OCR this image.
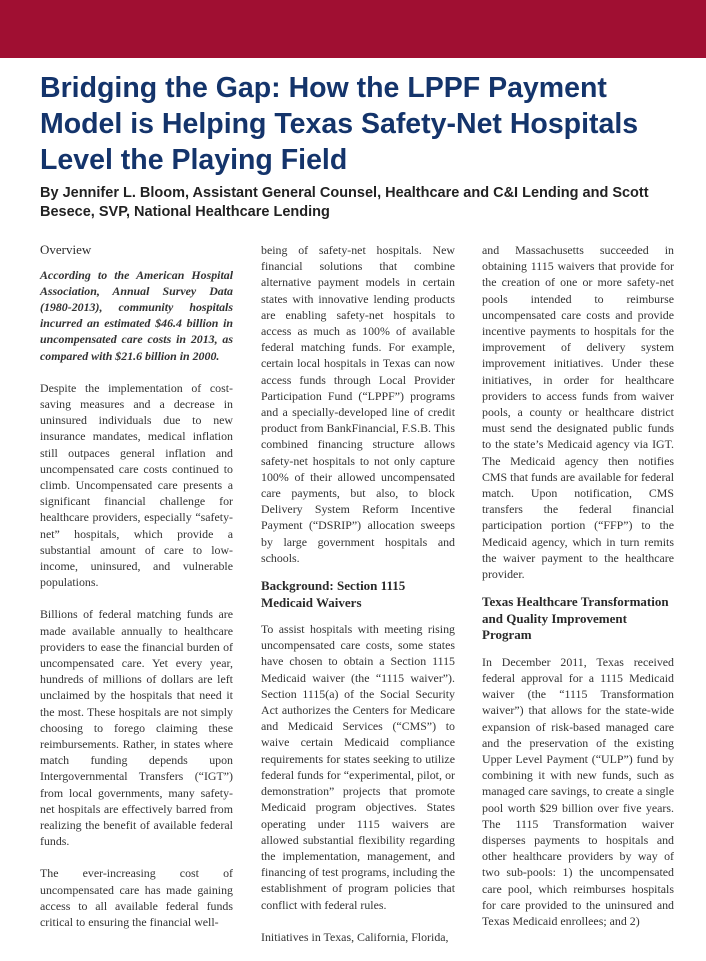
Bridging the Gap: How the LPPF Payment Model is Helping Texas Safety-Net Hospitals Level the Playing Field

By Jennifer L. Bloom, Assistant General Counsel, Healthcare and C&I Lending and Scott Besece, SVP, National Healthcare Lending

Overview

According to the American Hospital Association, Annual Survey Data (1980-2013), community hospitals incurred an estimated $46.4 billion in uncompensated care costs in 2013, as compared with $21.6 billion in 2000.

Despite the implementation of cost-saving measures and a decrease in uninsured individuals due to new insurance mandates, medical inflation still outpaces general inflation and uncompensated care costs continued to climb. Uncompensated care presents a significant financial challenge for healthcare providers, especially “safety-net” hospitals, which provide a substantial amount of care to low-income, uninsured, and vulnerable populations.

Billions of federal matching funds are made available annually to healthcare providers to ease the financial burden of uncompensated care. Yet every year, hundreds of millions of dollars are left unclaimed by the hospitals that need it the most. These hospitals are not simply choosing to forego claiming these reimbursements. Rather, in states where match funding depends upon Intergovernmental Transfers (“IGT”) from local governments, many safety-net hospitals are effectively barred from realizing the benefit of available federal funds.

The ever-increasing cost of uncompensated care has made gaining access to all available federal funds critical to ensuring the financial well-

being of safety-net hospitals. New financial solutions that combine alternative payment models in certain states with innovative lending products are enabling safety-net hospitals to access as much as 100% of available federal matching funds. For example, certain local hospitals in Texas can now access funds through Local Provider Participation Fund (“LPPF”) programs and a specially-developed line of credit product from BankFinancial, F.S.B. This combined financing structure allows safety-net hospitals to not only capture 100% of their allowed uncompensated care payments, but also, to block Delivery System Reform Incentive Payment (“DSRIP”) allocation sweeps by large government hospitals and schools.

Background: Section 1115 Medicaid Waivers

To assist hospitals with meeting rising uncompensated care costs, some states have chosen to obtain a Section 1115 Medicaid waiver (the “1115 waiver”). Section 1115(a) of the Social Security Act authorizes the Centers for Medicare and Medicaid Services (“CMS”) to waive certain Medicaid compliance requirements for states seeking to utilize federal funds for “experimental, pilot, or demonstration” projects that promote Medicaid program objectives. States operating under 1115 waivers are allowed substantial flexibility regarding the implementation, management, and financing of test programs, including the establishment of program policies that conflict with federal rules.

Initiatives in Texas, California, Florida,

and Massachusetts succeeded in obtaining 1115 waivers that provide for the creation of one or more safety-net pools intended to reimburse uncompensated care costs and provide incentive payments to hospitals for the improvement of delivery system improvement initiatives. Under these initiatives, in order for healthcare providers to access funds from waiver pools, a county or healthcare district must send the designated public funds to the state’s Medicaid agency via IGT. The Medicaid agency then notifies CMS that funds are available for federal match. Upon notification, CMS transfers the federal financial participation portion (“FFP”) to the Medicaid agency, which in turn remits the waiver payment to the healthcare provider.

Texas Healthcare Transformation and Quality Improvement Program

In December 2011, Texas received federal approval for a 1115 Medicaid waiver (the “1115 Transformation waiver”) that allows for the state-wide expansion of risk-based managed care and the preservation of the existing Upper Level Payment (“ULP”) fund by combining it with new funds, such as managed care savings, to create a single pool worth $29 billion over five years. The 1115 Transformation waiver disperses payments to hospitals and other healthcare providers by way of two sub-pools: 1) the uncompensated care pool, which reimburses hospitals for care provided to the uninsured and Texas Medicaid enrollees; and 2)
